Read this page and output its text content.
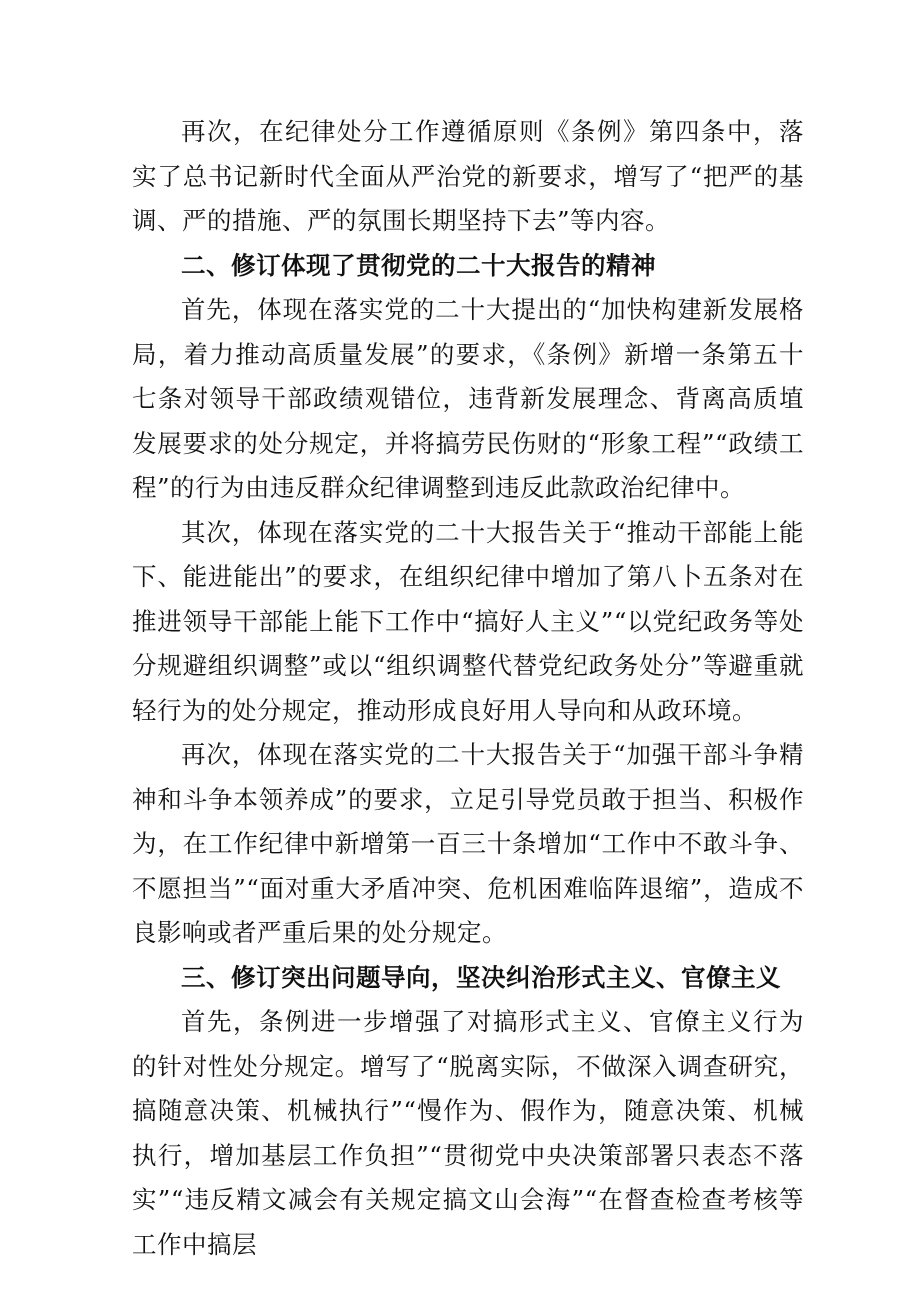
再次，在纪律处分工作遵循原则《条例》第四条中，落实了总书记新时代全面从严治党的新要求，增写了“把严的基调、严的措施、严的氛围长期坚持下去”等内容。

二、修订体现了贯彻党的二十大报告的精神

首先，体现在落实党的二十大提出的“加快构建新发展格局，着力推动高质量发展”的要求，《条例》新增一条第五十七条对领导干部政绩观错位，违背新发展理念、背离高质埴发展要求的处分规定，并将搞劳民伤财的“形象工程”“政绩工程”的行为由违反群众纪律调整到违反此款政治纪律中。

其次，体现在落实党的二十大报告关于“推动干部能上能下、能进能出”的要求，在组织纪律中增加了第八卜五条对在推进领导干部能上能下工作中“搞好人主义”“以党纪政务等处分规避组织调整”或以“组织调整代替党纪政务处分”等避重就轻行为的处分规定，推动形成良好用人导向和从政环境。

再次，体现在落实党的二十大报告关于“加强干部斗争精神和斗争本领养成”的要求，立足引导党员敢于担当、积极作为，在工作纪律中新增第一百三十条增加“工作中不敢斗争、不愿担当”“面对重大矛盾冲突、危机困难临阵退缩”，造成不良影响或者严重后果的处分规定。

三、修订突出问题导向，坚决纠治形式主义、官僚主义

首先，条例进一步增强了对搞形式主义、官僚主义行为的针对性处分规定。增写了“脱离实际，不做深入调查研究，搞随意决策、机械执行”“慢作为、假作为，随意决策、机械执行，增加基层工作负担”“贯彻党中央决策部署只表态不落实”“违反精文减会有关规定搞文山会海”“在督查检查考核等工作中搞层
